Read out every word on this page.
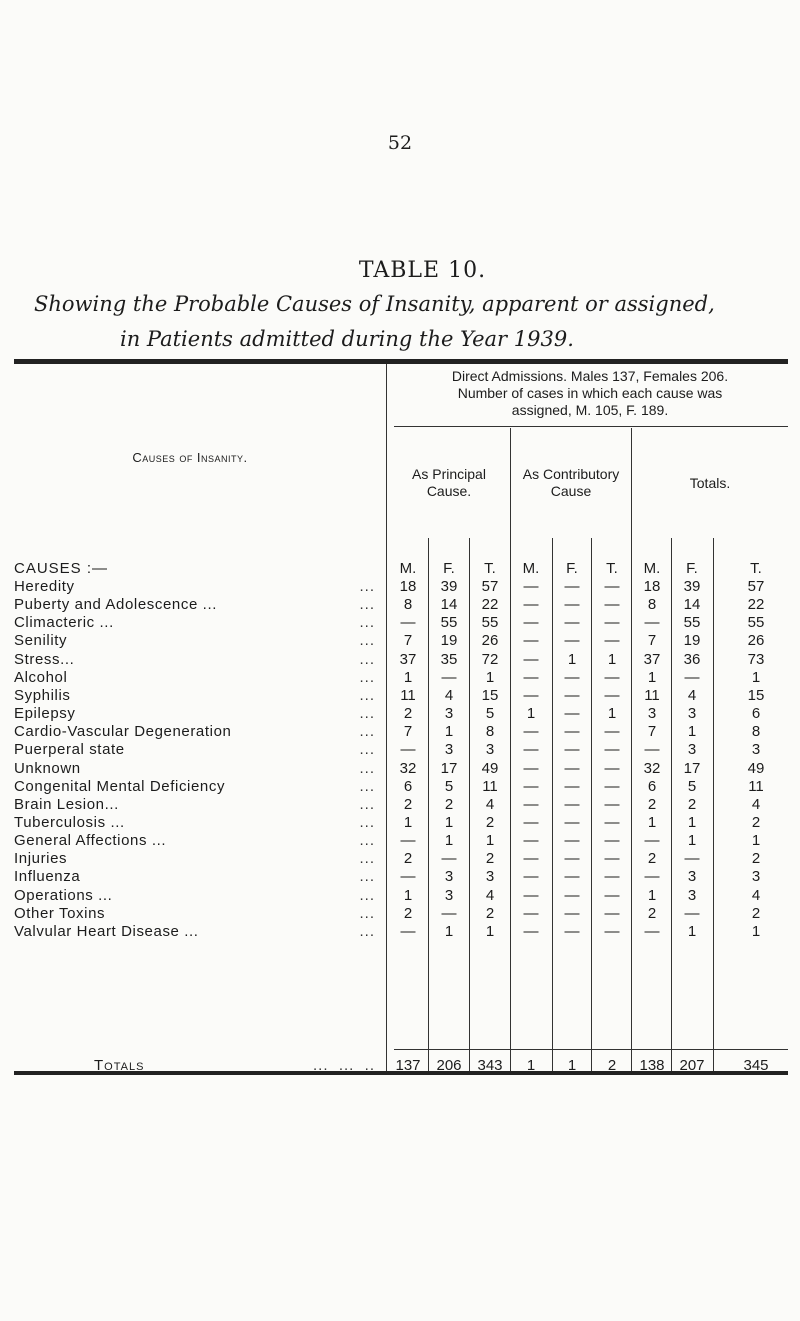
52
TABLE 10.
Showing the Probable Causes of Insanity, apparent or assigned,
in Patients admitted during the Year 1939.
Direct Admissions. Males 137, Females 206.
Number of cases in which each cause was
assigned, M. 105, F. 189.
Causes of Insanity.
As Principal
Cause.
As Contributory
Cause	Totals.
CAUSES :—	M.	F.	T.	M.	F.	T.	M.	F.	T.
Heredity	...	18	39	57	—	—	—	18	39	57
Puberty and Adolescence ...	...	8	14	22	—	—	—	8	14	22
Climacteric ...	...	—	55	55	—	—	—	—	55	55
Senility	...	7	19	26	—	—	—	7	19	26
Stress...	...	37	35	72	—	1	1	37	36	73
Alcohol	...	1	—	1	—	—	—	1	—	1
Syphilis	...	11	4	15	—	—	—	11	4	15
Epilepsy	...	2	3	5	1	—	1	3	3	6
Cardio-Vascular Degeneration	...	7	1	8	—	—	—	7	1	8
Puerperal state	...	—	3	3	—	—	—	—	3	3
Unknown	...	32	17	49	—	—	—	32	17	49
Congenital Mental Deficiency	...	6	5	11	—	—	—	6	5	11
Brain Lesion...	...	2	2	4	—	—	—	2	2	4
Tuberculosis ...	...	1	1	2	—	—	—	1	1	2
General Affections ...	...	—	1	1	—	—	—	—	1	1
Injuries	...	2	—	2	—	—	—	2	—	2
Influenza	...	—	3	3	—	—	—	—	3	3
Operations ...	...	1	3	4	—	—	—	1	3	4
Other Toxins	...	2	—	2	—	—	—	2	—	2
Valvular Heart Disease ...	...	—	1	1	—	—	—	—	1	1
Totals	...  ...  ..	137	206	343	1	1	2	138 207	345
